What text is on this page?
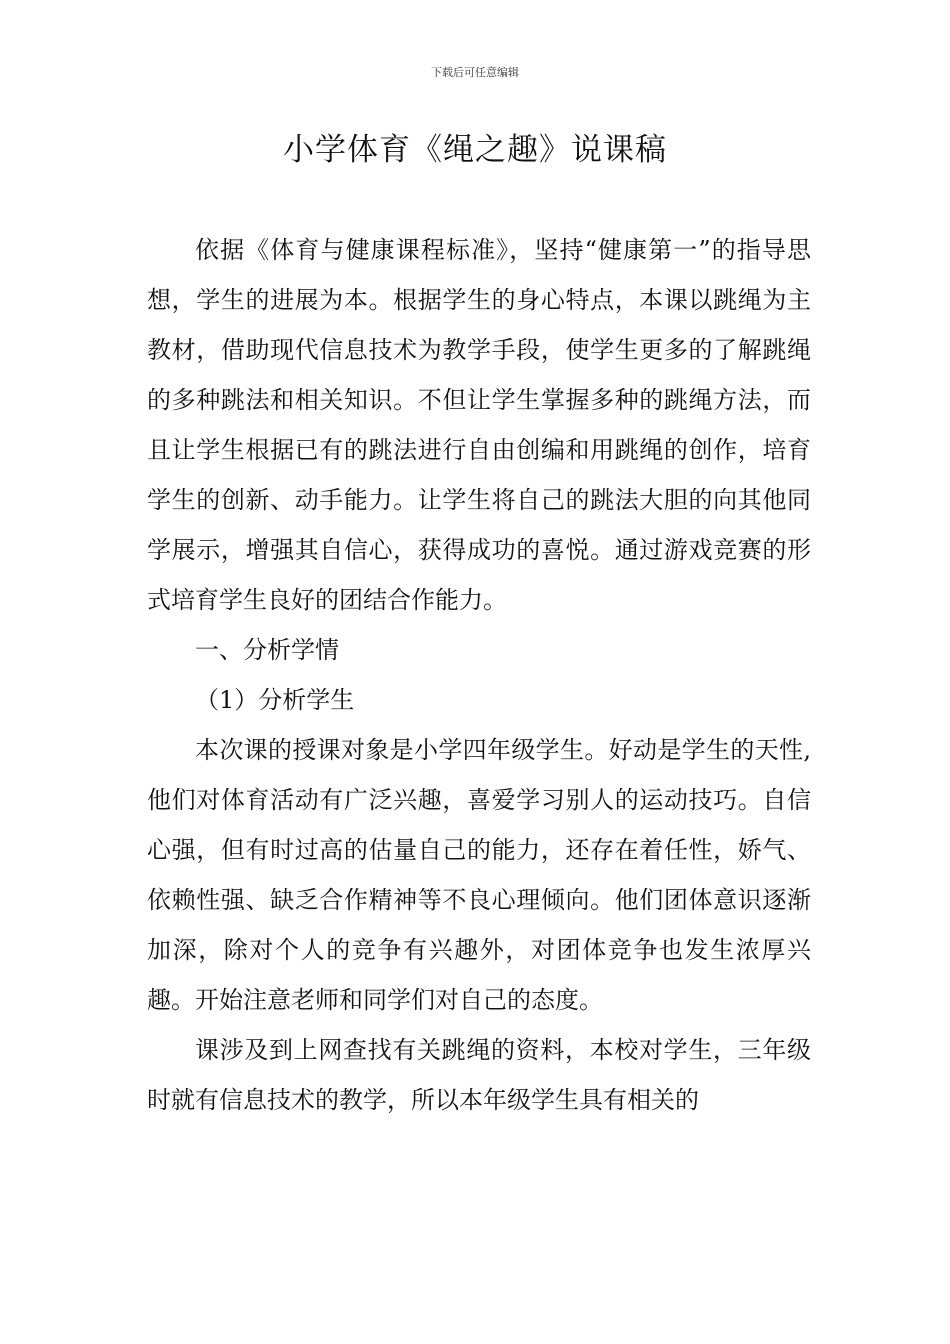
下载后可任意编辑
小学体育《绳之趣》说课稿

依据《体育与健康课程标准》，坚持“健康第一”的指导思想，学生的进展为本。根据学生的身心特点，本课以跳绳为主教材，借助现代信息技术为教学手段，使学生更多的了解跳绳的多种跳法和相关知识。不但让学生掌握多种的跳绳方法，而且让学生根据已有的跳法进行自由创编和用跳绳的创作，培育学生的创新、动手能力。让学生将自己的跳法大胆的向其他同学展示，增强其自信心，获得成功的喜悦。通过游戏竞赛的形式培育学生良好的团结合作能力。

一、分析学情

（1）分析学生

本次课的授课对象是小学四年级学生。好动是学生的天性,他们对体育活动有广泛兴趣，喜爱学习别人的运动技巧。自信心强，但有时过高的估量自己的能力，还存在着任性，娇气、依赖性强、缺乏合作精神等不良心理倾向。他们团体意识逐渐加深，除对个人的竞争有兴趣外，对团体竞争也发生浓厚兴趣。开始注意老师和同学们对自己的态度。

课涉及到上网查找有关跳绳的资料，本校对学生，三年级时就有信息技术的教学，所以本年级学生具有相关的
